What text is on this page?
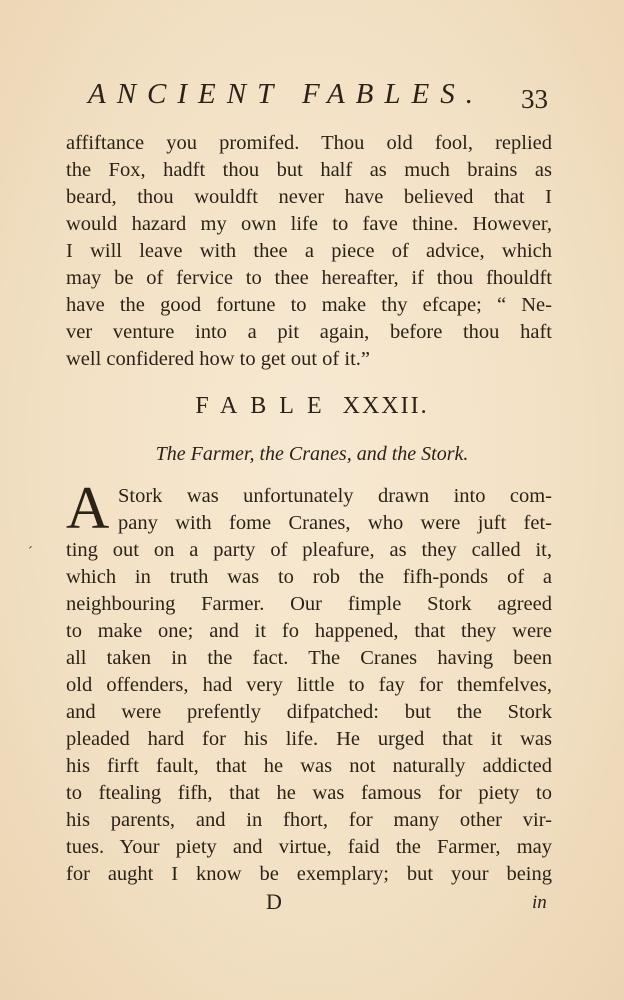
ANCIENT FABLES. 33
affiftance you promifed. Thou old fool, replied
the Fox, hadft thou but half as much brains as
beard, thou wouldft never have believed that I
would hazard my own life to fave thine. However,
I will leave with thee a piece of advice, which
may be of fervice to thee hereafter, if thou fhouldft
have the good fortune to make thy efcape; “ Ne-
ver venture into a pit again, before thou haft
well confidered how to get out of it.”
FABLE XXXII.
The Farmer, the Cranes, and the Stork.
´
A Stork was unfortunately drawn into com-
pany with fome Cranes, who were juft fet-
ting out on a party of pleafure, as they called it,
which in truth was to rob the fifh-ponds of a
neighbouring Farmer. Our fimple Stork agreed
to make one; and it fo happened, that they were
all taken in the fact. The Cranes having been
old offenders, had very little to fay for themfelves,
and were prefently difpatched: but the Stork
pleaded hard for his life. He urged that it was
his firft fault, that he was not naturally addicted
to ftealing fifh, that he was famous for piety to
his parents, and in fhort, for many other vir-
tues. Your piety and virtue, faid the Farmer, may
for aught I know be exemplary; but your being
D	in
